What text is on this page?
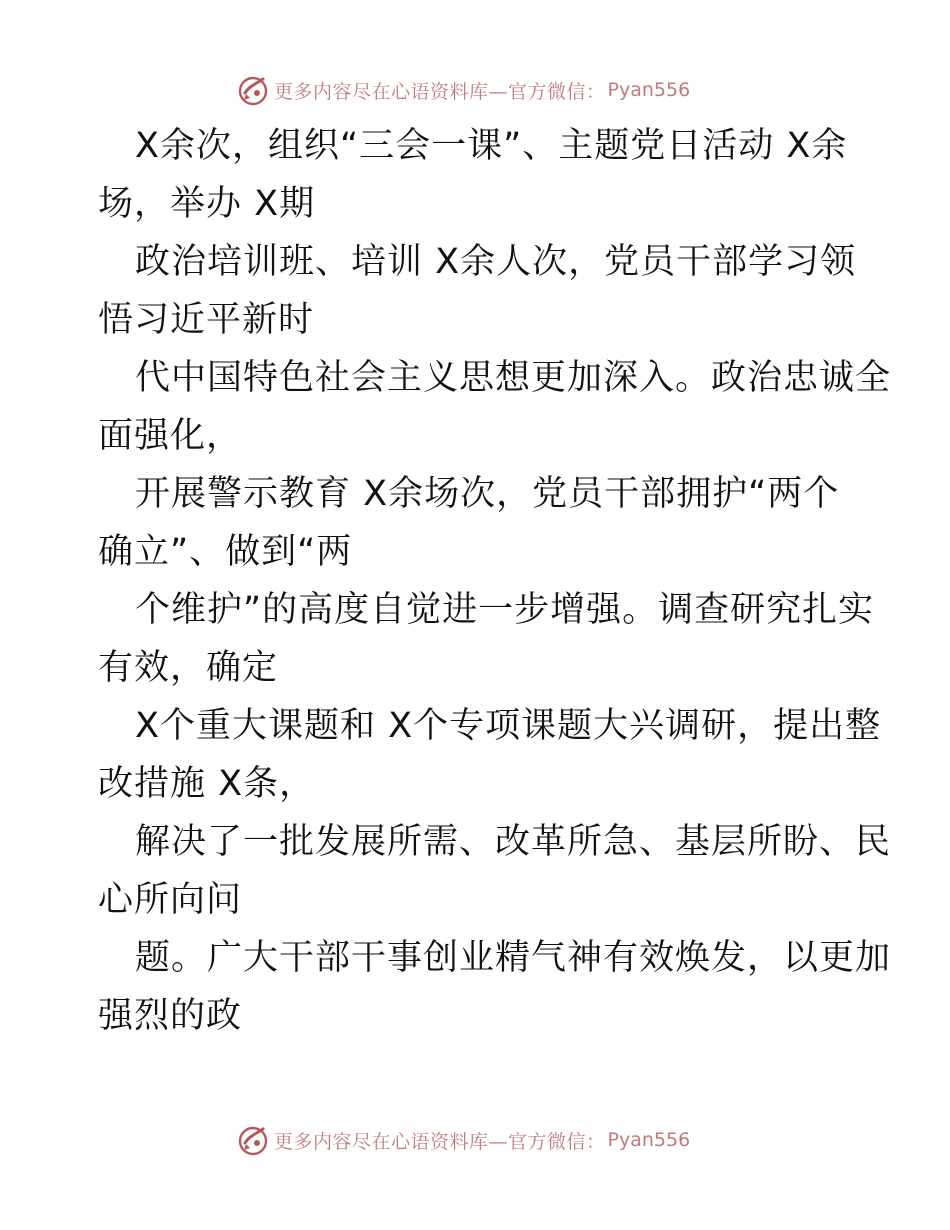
更多内容尽在心语资料库—官方微信： Pyan556
X余次，组织“三会一课”、主题党日活动 X余
场，举办 X期
政治培训班、培训 X余人次，党员干部学习领
悟习近平新时
代中国特色社会主义思想更加深入。政治忠诚全
面强化，
开展警示教育 X余场次，党员干部拥护“两个
确立”、做到“两
个维护”的高度自觉进一步增强。调查研究扎实
有效，确定
X个重大课题和 X个专项课题大兴调研，提出整
改措施 X条，
解决了一批发展所需、改革所急、基层所盼、民
心所向问
题。广大干部干事创业精气神有效焕发，以更加
强烈的政
更多内容尽在心语资料库—官方微信： Pyan556
